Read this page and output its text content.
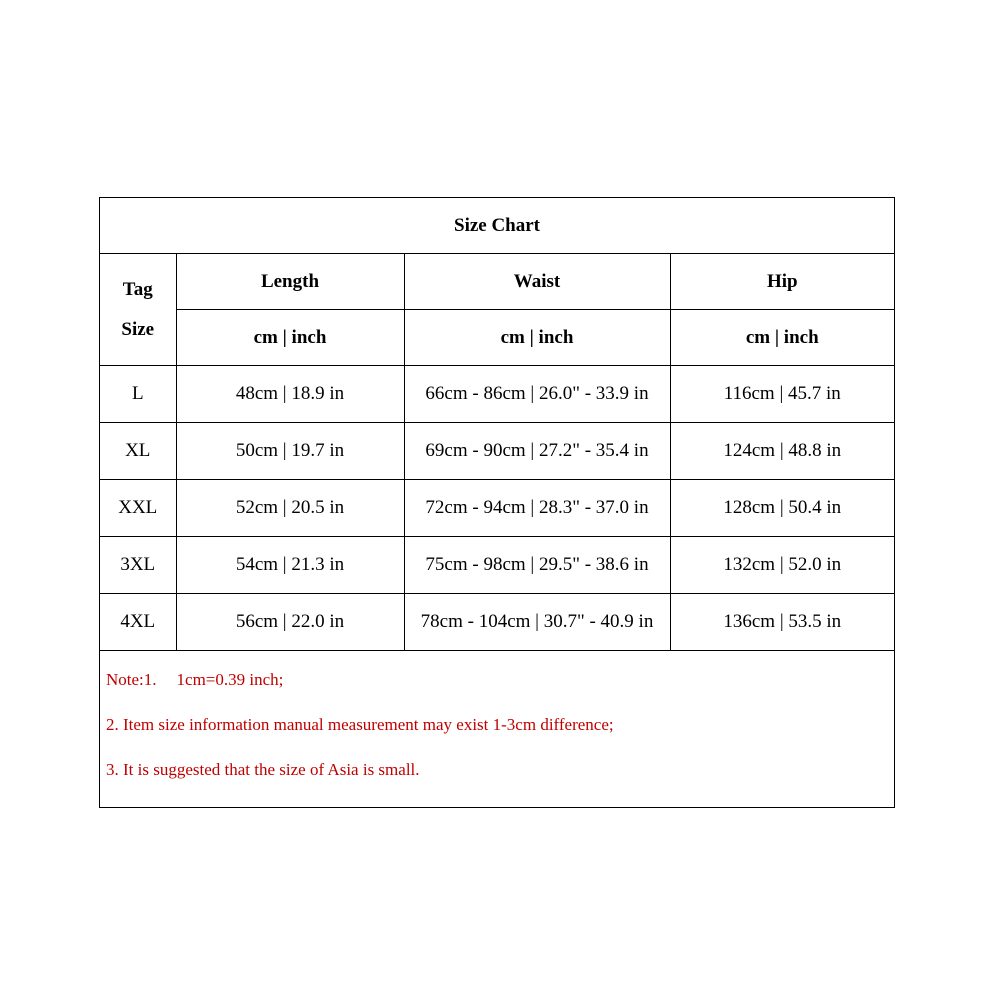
Size Chart			

Tag
Size	Length	Waist	Hip
	cm | inch	cm | inch	cm | inch
L	48cm | 18.9 in	66cm - 86cm | 26.0" - 33.9 in	116cm | 45.7 in
XL	50cm | 19.7 in	69cm - 90cm | 27.2" - 35.4 in	124cm | 48.8 in
XXL	52cm | 20.5 in	72cm - 94cm | 28.3" - 37.0 in	128cm | 50.4 in
3XL	54cm | 21.3 in	75cm - 98cm | 29.5" - 38.6 in	132cm | 52.0 in
4XL	56cm | 22.0 in	78cm - 104cm | 30.7" - 40.9 in	136cm | 53.5 in
Note:1. 1cm=0.39 inch;
2. Item size information manual measurement may exist 1-3cm difference;
3. It is suggested that the size of Asia is small.
